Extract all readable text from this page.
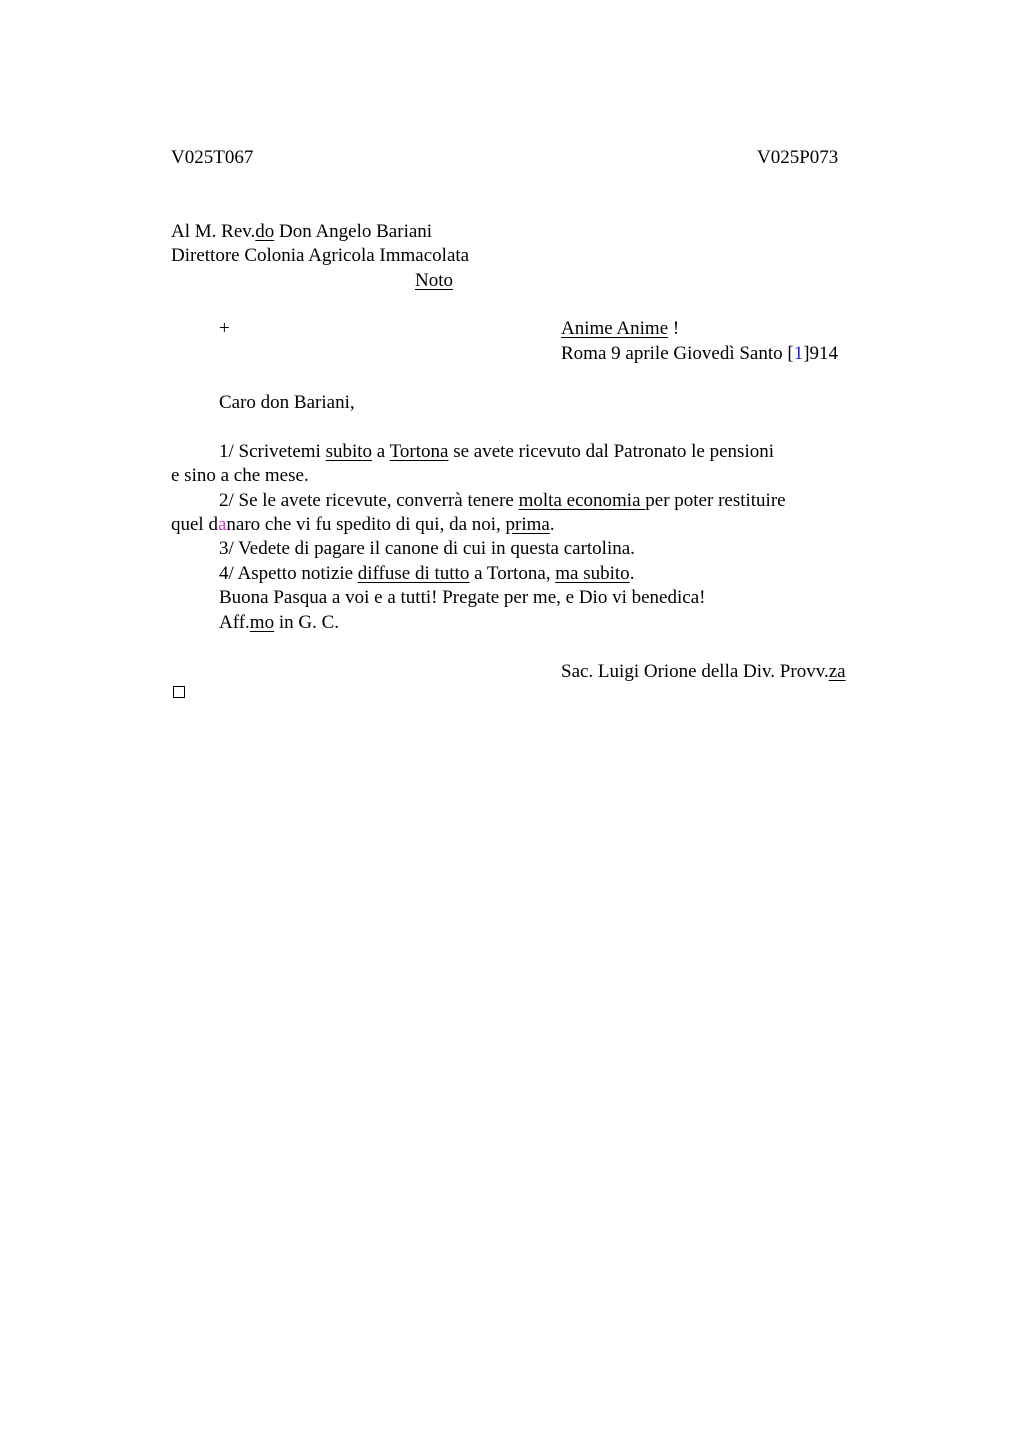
V025T067	V025P073
Al M. Rev.do Don Angelo Bariani
Direttore Colonia Agricola Immacolata
Noto
+	Anime Anime !
Roma 9 aprile Giovedì Santo [1]914
Caro don Bariani,
1/ Scrivetemi subito a Tortona se avete ricevuto dal Patronato le pensioni
e sino a che mese.
2/ Se le avete ricevute, converrà tenere molta economia per poter restituire
quel danaro che vi fu spedito di qui, da noi, prima.
3/ Vedete di pagare il canone di cui in questa cartolina.
4/ Aspetto notizie diffuse di tutto a Tortona, ma subito.
Buona Pasqua a voi e a tutti! Pregate per me, e Dio vi benedica!
Aff.mo in G. C.
Sac. Luigi Orione della Div. Provv.za
